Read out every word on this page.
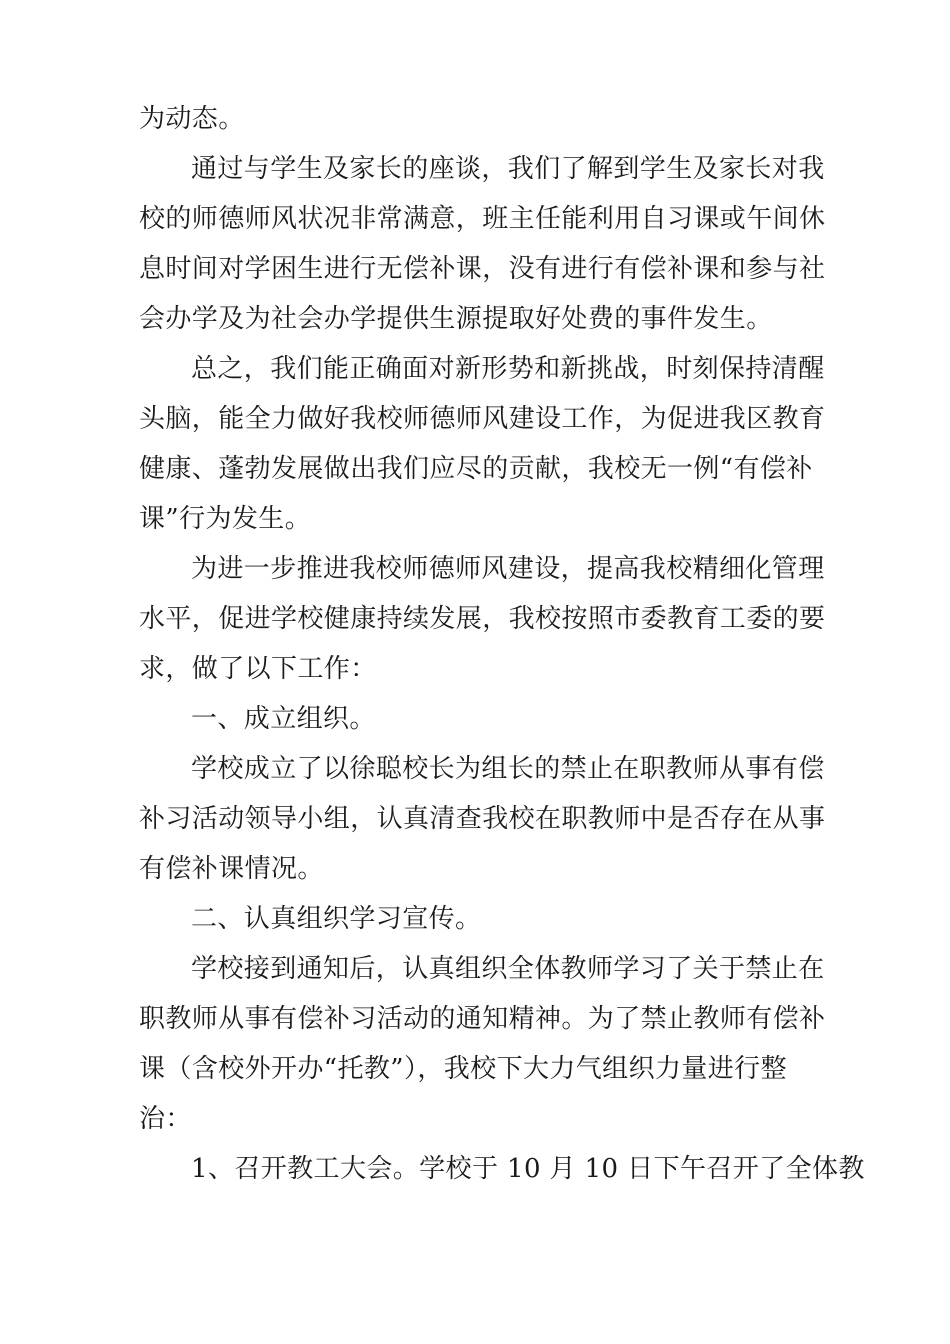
为动态。
通过与学生及家长的座谈，我们了解到学生及家长对我
校的师德师风状况非常满意，班主任能利用自习课或午间休
息时间对学困生进行无偿补课，没有进行有偿补课和参与社
会办学及为社会办学提供生源提取好处费的事件发生。
总之，我们能正确面对新形势和新挑战，时刻保持清醒
头脑，能全力做好我校师德师风建设工作，为促进我区教育
健康、蓬勃发展做出我们应尽的贡献，我校无一例“有偿补
课”行为发生。
为进一步推进我校师德师风建设，提高我校精细化管理
水平，促进学校健康持续发展，我校按照市委教育工委的要
求，做了以下工作：
一、成立组织。
学校成立了以徐聪校长为组长的禁止在职教师从事有偿
补习活动领导小组，认真清查我校在职教师中是否存在从事
有偿补课情况。
二、认真组织学习宣传。
学校接到通知后，认真组织全体教师学习了关于禁止在
职教师从事有偿补习活动的通知精神。为了禁止教师有偿补
课（含校外开办“托教”），我校下大力气组织力量进行整
治：
1、召开教工大会。学校于 10 月 10 日下午召开了全体教
